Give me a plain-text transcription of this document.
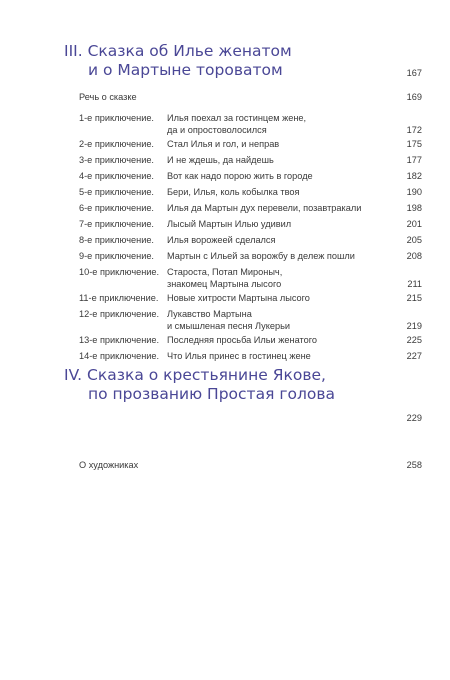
III. Сказка об Илье женатом
и о Мартыне тороватом	167
Речь о сказке	169
1-е приключение. Илья поехал за гостинцем жене,
да и опростоволосился	172
2-е приключение. Стал Илья и гол, и неправ	175
3-е приключение. И не ждешь, да найдешь	177
4-е приключение. Вот как надо порою жить в городе	182
5-е приключение. Бери, Илья, коль кобылка твоя	190
6-е приключение. Илья да Мартын дух перевели, позавтракали	198
7-е приключение. Лысый Мартын Илью удивил	201
8-е приключение. Илья ворожеей сделался	205
9-е приключение. Мартын с Ильей за ворожбу в дележ пошли	208
10-е приключение. Староста, Потап Мироныч,
знакомец Мартына лысого	211
11-е приключение. Новые хитрости Мартына лысого	215
12-е приключение. Лукавство Мартына
и смышленая песня Лукерьи	219
13-е приключение. Последняя просьба Ильи женатого	225
14-е приключение. Что Илья принес в гостинец жене	227
IV. Сказка о крестьянине Якове,
по прозванию Простая голова
229
О художниках	258
